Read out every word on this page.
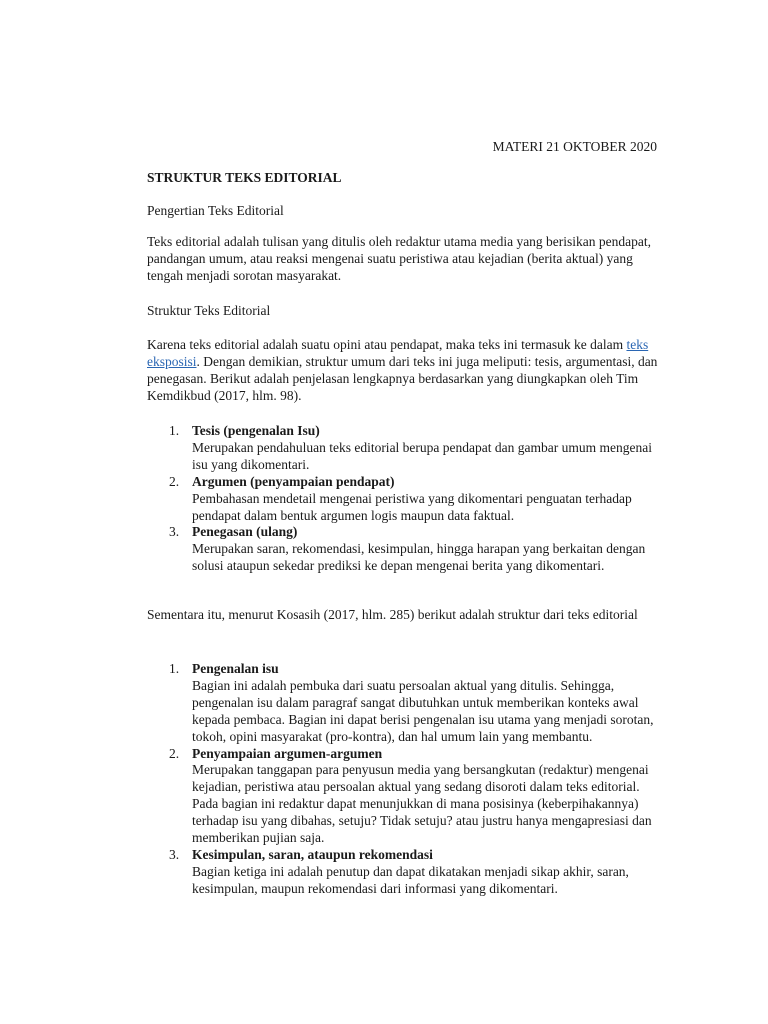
MATERI 21 OKTOBER 2020
STRUKTUR TEKS EDITORIAL
Pengertian Teks Editorial
Teks editorial adalah tulisan yang ditulis oleh redaktur utama media yang berisikan pendapat, pandangan umum, atau reaksi mengenai suatu peristiwa atau kejadian (berita aktual) yang tengah menjadi sorotan masyarakat.
Struktur Teks Editorial
Karena teks editorial adalah suatu opini atau pendapat, maka teks ini termasuk ke dalam teks eksposisi. Dengan demikian, struktur umum dari teks ini juga meliputi: tesis, argumentasi, dan penegasan. Berikut adalah penjelasan lengkapnya berdasarkan yang diungkapkan oleh Tim Kemdikbud (2017, hlm. 98).
1. Tesis (pengenalan Isu)
Merupakan pendahuluan teks editorial berupa pendapat dan gambar umum mengenai isu yang dikomentari.
2. Argumen (penyampaian pendapat)
Pembahasan mendetail mengenai peristiwa yang dikomentari penguatan terhadap pendapat dalam bentuk argumen logis maupun data faktual.
3. Penegasan (ulang)
Merupakan saran, rekomendasi, kesimpulan, hingga harapan yang berkaitan dengan solusi ataupun sekedar prediksi ke depan mengenai berita yang dikomentari.
Sementara itu, menurut Kosasih (2017, hlm. 285) berikut adalah struktur dari teks editorial
1. Pengenalan isu
Bagian ini adalah pembuka dari suatu persoalan aktual yang ditulis. Sehingga, pengenalan isu dalam paragraf sangat dibutuhkan untuk memberikan konteks awal kepada pembaca. Bagian ini dapat berisi pengenalan isu utama yang menjadi sorotan, tokoh, opini masyarakat (pro-kontra), dan hal umum lain yang membantu.
2. Penyampaian argumen-argumen
Merupakan tanggapan para penyusun media yang bersangkutan (redaktur) mengenai kejadian, peristiwa atau persoalan aktual yang sedang disoroti dalam teks editorial. Pada bagian ini redaktur dapat menunjukkan di mana posisinya (keberpihakannya) terhadap isu yang dibahas, setuju? Tidak setuju? atau justru hanya mengapresiasi dan memberikan pujian saja.
3. Kesimpulan, saran, ataupun rekomendasi
Bagian ketiga ini adalah penutup dan dapat dikatakan menjadi sikap akhir, saran, kesimpulan, maupun rekomendasi dari informasi yang dikomentari.
